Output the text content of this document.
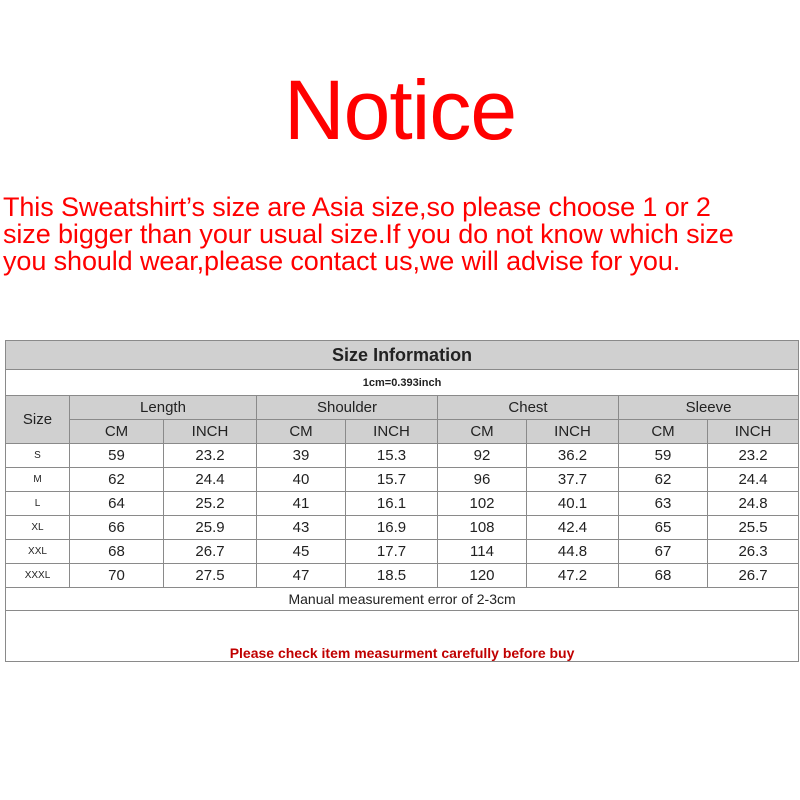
Notice
This Sweatshirt’s size are Asia size,so please choose 1 or 2
size bigger than your usual size.If you do not know which size
you should wear,please contact us,we will advise for you.
Size Information								
1cm=0.393inch								
Size	Length		Shoulder		Chest		Sleeve	
	CM	INCH	CM	INCH	CM	INCH	CM	INCH
S	59	23.2	39	15.3	92	36.2	59	23.2
M	62	24.4	40	15.7	96	37.7	62	24.4
L	64	25.2	41	16.1	102	40.1	63	24.8
XL	66	25.9	43	16.9	108	42.4	65	25.5
XXL	68	26.7	45	17.7	114	44.8	67	26.3
XXXL	70	27.5	47	18.5	120	47.2	68	26.7
Manual measurement error of 2-3cm								
Please check item measurment carefully before buy								
